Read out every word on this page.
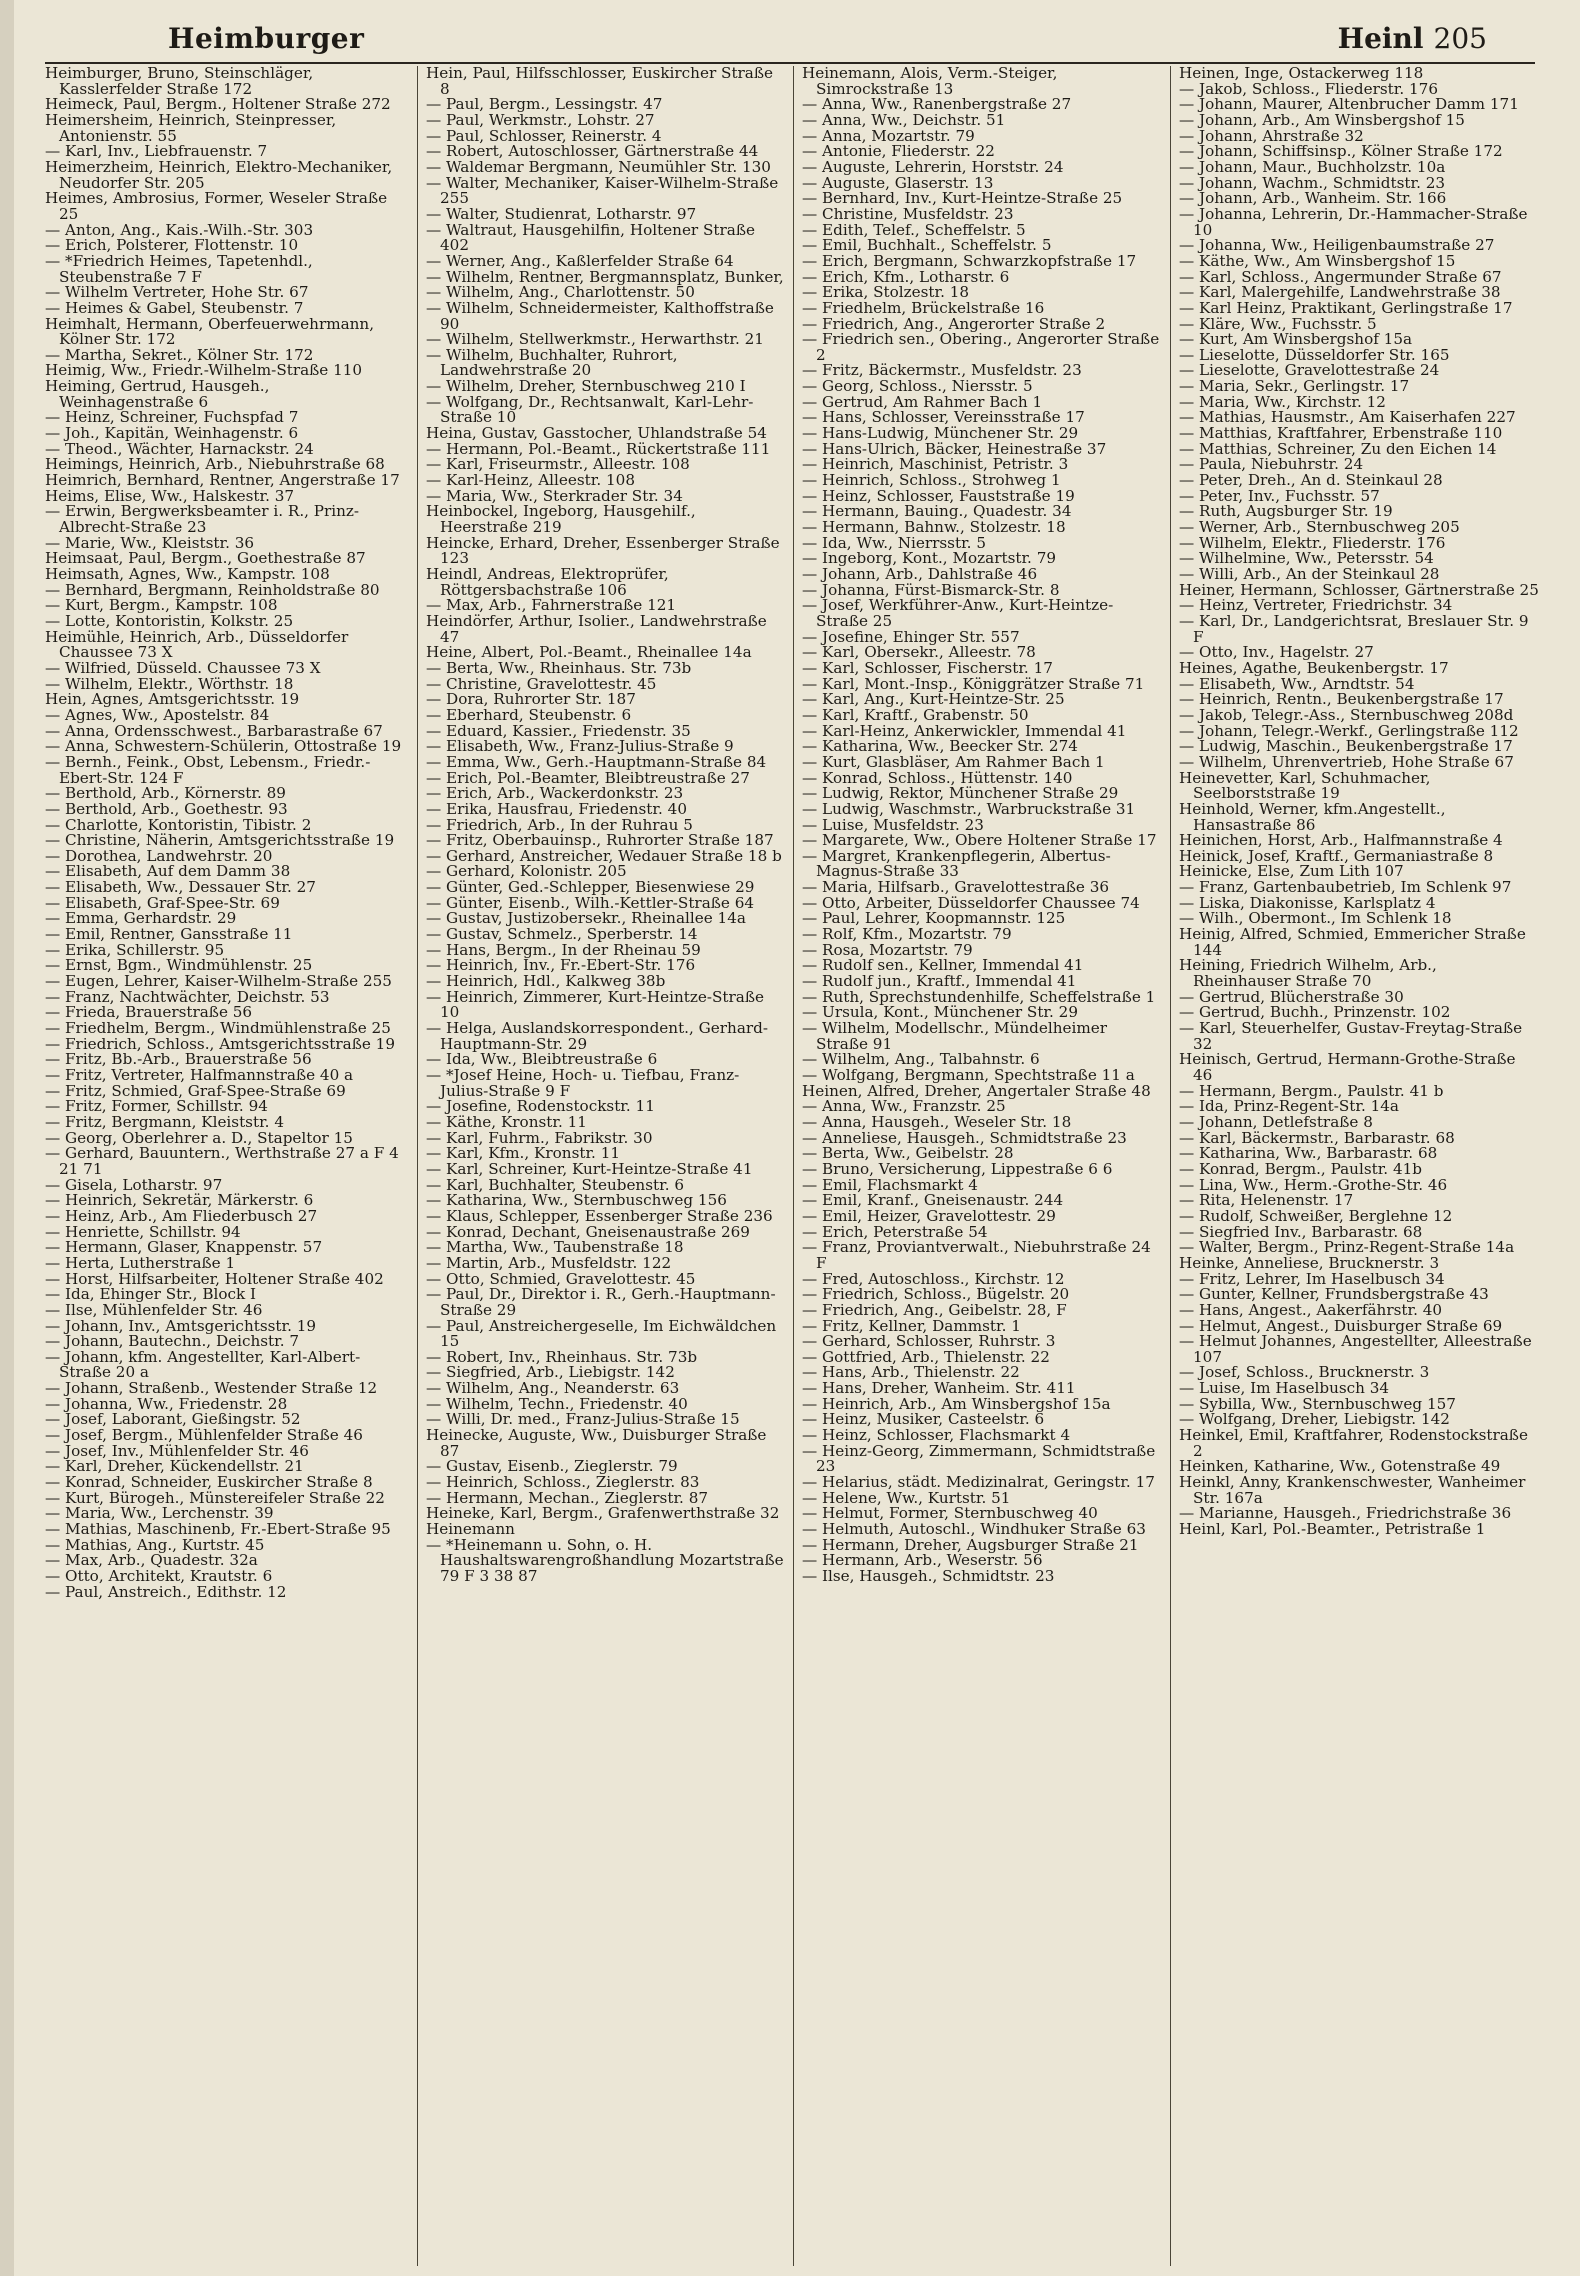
Heimburger	Heinl 205

Heimburger, Bruno, Steinschläger, Kasslerfelder Straße 172

Heimeck, Paul, Bergm., Holtener Straße 272

Heimersheim, Heinrich, Steinpresser, Antonienstr. 55

— Karl, Inv., Liebfrauenstr. 7

Heimerzheim, Heinrich, Elektro-Mechaniker, Neudorfer Str. 205

Heimes, Ambrosius, Former, Weseler Straße 25

— Anton, Ang., Kais.-Wilh.-Str. 303

— Erich, Polsterer, Flottenstr. 10

— *Friedrich Heimes, Tapetenhdl., Steubenstraße 7 F

— Wilhelm Vertreter, Hohe Str. 67

— Heimes & Gabel, Steubenstr. 7

Heimhalt, Hermann, Oberfeuerwehrmann, Kölner Str. 172

— Martha, Sekret., Kölner Str. 172

Heimig, Ww., Friedr.-Wilhelm-Straße 110

Heiming, Gertrud, Hausgeh., Weinhagenstraße 6

— Heinz, Schreiner, Fuchspfad 7

— Joh., Kapitän, Weinhagenstr. 6

— Theod., Wächter, Harnackstr. 24

Heimings, Heinrich, Arb., Niebuhrstraße 68

Heimrich, Bernhard, Rentner, Angerstraße 17

Heims, Elise, Ww., Halskestr. 37

— Erwin, Bergwerksbeamter i. R., Prinz-Albrecht-Straße 23

— Marie, Ww., Kleiststr. 36

Heimsaat, Paul, Bergm., Goethestraße 87

Heimsath, Agnes, Ww., Kampstr. 108

— Bernhard, Bergmann, Reinholdstraße 80

— Kurt, Bergm., Kampstr. 108

— Lotte, Kontoristin, Kolkstr. 25

Heimühle, Heinrich, Arb., Düsseldorfer Chaussee 73 X

— Wilfried, Düsseld. Chaussee 73 X

— Wilhelm, Elektr., Wörthstr. 18

Hein, Agnes, Amtsgerichtsstr. 19

— Agnes, Ww., Apostelstr. 84

— Anna, Ordensschwest., Barbarastraße 67

— Anna, Schwestern-Schülerin, Ottostraße 19

— Bernh., Feink., Obst, Lebensm., Friedr.-Ebert-Str. 124 F

— Berthold, Arb., Körnerstr. 89

— Berthold, Arb., Goethestr. 93

— Charlotte, Kontoristin, Tibistr. 2

— Christine, Näherin, Amtsgerichtsstraße 19

— Dorothea, Landwehrstr. 20

— Elisabeth, Auf dem Damm 38

— Elisabeth, Ww., Dessauer Str. 27

— Elisabeth, Graf-Spee-Str. 69

— Emma, Gerhardstr. 29

— Emil, Rentner, Gansstraße 11

— Erika, Schillerstr. 95

— Ernst, Bgm., Windmühlenstr. 25

— Eugen, Lehrer, Kaiser-Wilhelm-Straße 255

— Franz, Nachtwächter, Deichstr. 53

— Frieda, Brauerstraße 56

— Friedhelm, Bergm., Windmühlenstraße 25

— Friedrich, Schloss., Amtsgerichtsstraße 19

— Fritz, Bb.-Arb., Brauerstraße 56

— Fritz, Vertreter, Halfmannstraße 40 a

— Fritz, Schmied, Graf-Spee-Straße 69

— Fritz, Former, Schillstr. 94

— Fritz, Bergmann, Kleiststr. 4

— Georg, Oberlehrer a. D., Stapeltor 15

— Gerhard, Bauuntern., Werthstraße 27 a F 4 21 71

— Gisela, Lotharstr. 97

— Heinrich, Sekretär, Märkerstr. 6

— Heinz, Arb., Am Fliederbusch 27

— Henriette, Schillstr. 94

— Hermann, Glaser, Knappenstr. 57

— Herta, Lutherstraße 1

— Horst, Hilfsarbeiter, Holtener Straße 402

— Ida, Ehinger Str., Block I

— Ilse, Mühlenfelder Str. 46

— Johann, Inv., Amtsgerichtsstr. 19

— Johann, Bautechn., Deichstr. 7

— Johann, kfm. Angestellter, Karl-Albert-Straße 20 a

— Johann, Straßenb., Westender Straße 12

— Johanna, Ww., Friedenstr. 28

— Josef, Laborant, Gießingstr. 52

— Josef, Bergm., Mühlenfelder Straße 46

— Josef, Inv., Mühlenfelder Str. 46

— Karl, Dreher, Kückendellstr. 21

— Konrad, Schneider, Euskircher Straße 8

— Kurt, Bürogeh., Münstereifeler Straße 22

— Maria, Ww., Lerchenstr. 39

— Mathias, Maschinenb, Fr.-Ebert-Straße 95

— Mathias, Ang., Kurtstr. 45

— Max, Arb., Quadestr. 32a

— Otto, Architekt, Krautstr. 6

— Paul, Anstreich., Edithstr. 12

Hein, Paul, Hilfsschlosser, Euskircher Straße 8

— Paul, Bergm., Lessingstr. 47

— Paul, Werkmstr., Lohstr. 27

— Paul, Schlosser, Reinerstr. 4

— Robert, Autoschlosser, Gärtnerstraße 44

— Waldemar Bergmann, Neumühler Str. 130

— Walter, Mechaniker, Kaiser-Wilhelm-Straße 255

— Walter, Studienrat, Lotharstr. 97

— Waltraut, Hausgehilfin, Holtener Straße 402

— Werner, Ang., Kaßlerfelder Straße 64

— Wilhelm, Rentner, Bergmannsplatz, Bunker,

— Wilhelm, Ang., Charlottenstr. 50

— Wilhelm, Schneidermeister, Kalthoffstraße 90

— Wilhelm, Stellwerkmstr., Herwarthstr. 21

— Wilhelm, Buchhalter, Ruhrort, Landwehrstraße 20

— Wilhelm, Dreher, Sternbuschweg 210 I

— Wolfgang, Dr., Rechtsanwalt, Karl-Lehr-Straße 10

Heina, Gustav, Gasstocher, Uhlandstraße 54

— Hermann, Pol.-Beamt., Rückertstraße 111

— Karl, Friseurmstr., Alleestr. 108

— Karl-Heinz, Alleestr. 108

— Maria, Ww., Sterkrader Str. 34

Heinbockel, Ingeborg, Hausgehilf., Heerstraße 219

Heincke, Erhard, Dreher, Essenberger Straße 123

Heindl, Andreas, Elektroprüfer, Röttgersbachstraße 106

— Max, Arb., Fahrnerstraße 121

Heindörfer, Arthur, Isolier., Landwehrstraße 47

Heine, Albert, Pol.-Beamt., Rheinallee 14a

— Berta, Ww., Rheinhaus. Str. 73b

— Christine, Gravelottestr. 45

— Dora, Ruhrorter Str. 187

— Eberhard, Steubenstr. 6

— Eduard, Kassier., Friedenstr. 35

— Elisabeth, Ww., Franz-Julius-Straße 9

— Emma, Ww., Gerh.-Hauptmann-Straße 84

— Erich, Pol.-Beamter, Bleibtreustraße 27

— Erich, Arb., Wackerdonkstr. 23

— Erika, Hausfrau, Friedenstr. 40

— Friedrich, Arb., In der Ruhrau 5

— Fritz, Oberbauinsp., Ruhrorter Straße 187

— Gerhard, Anstreicher, Wedauer Straße 18 b

— Gerhard, Kolonistr. 205

— Günter, Ged.-Schlepper, Biesenwiese 29

— Günter, Eisenb., Wilh.-Kettler-Straße 64

— Gustav, Justizobersekr., Rheinallee 14a

— Gustav, Schmelz., Sperberstr. 14

— Hans, Bergm., In der Rheinau 59

— Heinrich, Inv., Fr.-Ebert-Str. 176

— Heinrich, Hdl., Kalkweg 38b

— Heinrich, Zimmerer, Kurt-Heintze-Straße 10

— Helga, Auslandskorrespondent., Gerhard-Hauptmann-Str. 29

— Ida, Ww., Bleibtreustraße 6

— *Josef Heine, Hoch- u. Tiefbau, Franz-Julius-Straße 9 F

— Josefine, Rodenstockstr. 11

— Käthe, Kronstr. 11

— Karl, Fuhrm., Fabrikstr. 30

— Karl, Kfm., Kronstr. 11

— Karl, Schreiner, Kurt-Heintze-Straße 41

— Karl, Buchhalter, Steubenstr. 6

— Katharina, Ww., Sternbuschweg 156

— Klaus, Schlepper, Essenberger Straße 236

— Konrad, Dechant, Gneisenaustraße 269

— Martha, Ww., Taubenstraße 18

— Martin, Arb., Musfeldstr. 122

— Otto, Schmied, Gravelottestr. 45

— Paul, Dr., Direktor i. R., Gerh.-Hauptmann-Straße 29

— Paul, Anstreichergeselle, Im Eichwäldchen 15

— Robert, Inv., Rheinhaus. Str. 73b

— Siegfried, Arb., Liebigstr. 142

— Wilhelm, Ang., Neanderstr. 63

— Wilhelm, Techn., Friedenstr. 40

— Willi, Dr. med., Franz-Julius-Straße 15

Heinecke, Auguste, Ww., Duisburger Straße 87

— Gustav, Eisenb., Zieglerstr. 79

— Heinrich, Schloss., Zieglerstr. 83

— Hermann, Mechan., Zieglerstr. 87

Heineke, Karl, Bergm., Grafenwerthstraße 32

Heinemann

— *Heinemann u. Sohn, o. H. Haushaltswarengroßhandlung Mozartstraße 79 F 3 38 87

Heinemann, Alois, Verm.-Steiger, Simrockstraße 13

— Anna, Ww., Ranenbergstraße 27

— Anna, Ww., Deichstr. 51

— Anna, Mozartstr. 79

— Antonie, Fliederstr. 22

— Auguste, Lehrerin, Horststr. 24

— Auguste, Glaserstr. 13

— Bernhard, Inv., Kurt-Heintze-Straße 25

— Christine, Musfeldstr. 23

— Edith, Telef., Scheffelstr. 5

— Emil, Buchhalt., Scheffelstr. 5

— Erich, Bergmann, Schwarzkopfstraße 17

— Erich, Kfm., Lotharstr. 6

— Erika, Stolzestr. 18

— Friedhelm, Brückelstraße 16

— Friedrich, Ang., Angerorter Straße 2

— Friedrich sen., Obering., Angerorter Straße 2

— Fritz, Bäckermstr., Musfeldstr. 23

— Georg, Schloss., Niersstr. 5

— Gertrud, Am Rahmer Bach 1

— Hans, Schlosser, Vereinsstraße 17

— Hans-Ludwig, Münchener Str. 29

— Hans-Ulrich, Bäcker, Heinestraße 37

— Heinrich, Maschinist, Petristr. 3

— Heinrich, Schloss., Strohweg 1

— Heinz, Schlosser, Fauststraße 19

— Hermann, Bauing., Quadestr. 34

— Hermann, Bahnw., Stolzestr. 18

— Ida, Ww., Nierrsstr. 5

— Ingeborg, Kont., Mozartstr. 79

— Johann, Arb., Dahlstraße 46

— Johanna, Fürst-Bismarck-Str. 8

— Josef, Werkführer-Anw., Kurt-Heintze-Straße 25

— Josefine, Ehinger Str. 557

— Karl, Obersekr., Alleestr. 78

— Karl, Schlosser, Fischerstr. 17

— Karl, Mont.-Insp., Königgrätzer Straße 71

— Karl, Ang., Kurt-Heintze-Str. 25

— Karl, Kraftf., Grabenstr. 50

— Karl-Heinz, Ankerwickler, Immendal 41

— Katharina, Ww., Beecker Str. 274

— Kurt, Glasbläser, Am Rahmer Bach 1

— Konrad, Schloss., Hüttenstr. 140

— Ludwig, Rektor, Münchener Straße 29

— Ludwig, Waschmstr., Warbruckstraße 31

— Luise, Musfeldstr. 23

— Margarete, Ww., Obere Holtener Straße 17

— Margret, Krankenpflegerin, Albertus-Magnus-Straße 33

— Maria, Hilfsarb., Gravelottestraße 36

— Otto, Arbeiter, Düsseldorfer Chaussee 74

— Paul, Lehrer, Koopmannstr. 125

— Rolf, Kfm., Mozartstr. 79

— Rosa, Mozartstr. 79

— Rudolf sen., Kellner, Immendal 41

— Rudolf jun., Kraftf., Immendal 41

— Ruth, Sprechstundenhilfe, Scheffelstraße 1

— Ursula, Kont., Münchener Str. 29

— Wilhelm, Modellschr., Mündelheimer Straße 91

— Wilhelm, Ang., Talbahnstr. 6

— Wolfgang, Bergmann, Spechtstraße 11 a

Heinen, Alfred, Dreher, Angertaler Straße 48

— Anna, Ww., Franzstr. 25

— Anna, Hausgeh., Weseler Str. 18

— Anneliese, Hausgeh., Schmidtstraße 23

— Berta, Ww., Geibelstr. 28

— Bruno, Versicherung, Lippestraße 6 6

— Emil, Flachsmarkt 4

— Emil, Kranf., Gneisenaustr. 244

— Emil, Heizer, Gravelottestr. 29

— Erich, Peterstraße 54

— Franz, Proviantverwalt., Niebuhrstraße 24 F

— Fred, Autoschloss., Kirchstr. 12

— Friedrich, Schloss., Bügelstr. 20

— Friedrich, Ang., Geibelstr. 28, F

— Fritz, Kellner, Dammstr. 1

— Gerhard, Schlosser, Ruhrstr. 3

— Gottfried, Arb., Thielenstr. 22

— Hans, Arb., Thielenstr. 22

— Hans, Dreher, Wanheim. Str. 411

— Heinrich, Arb., Am Winsbergshof 15a

— Heinz, Musiker, Casteelstr. 6

— Heinz, Schlosser, Flachsmarkt 4

— Heinz-Georg, Zimmermann, Schmidtstraße 23

— Helarius, städt. Medizinalrat, Geringstr. 17

— Helene, Ww., Kurtstr. 51

— Helmut, Former, Sternbuschweg 40

— Helmuth, Autoschl., Windhuker Straße 63

— Hermann, Dreher, Augsburger Straße 21

— Hermann, Arb., Weserstr. 56

— Ilse, Hausgeh., Schmidtstr. 23

Heinen, Inge, Ostackerweg 118

— Jakob, Schloss., Fliederstr. 176

— Johann, Maurer, Altenbrucher Damm 171

— Johann, Arb., Am Winsbergshof 15

— Johann, Ahrstraße 32

— Johann, Schiffsinsp., Kölner Straße 172

— Johann, Maur., Buchholzstr. 10a

— Johann, Wachm., Schmidtstr. 23

— Johann, Arb., Wanheim. Str. 166

— Johanna, Lehrerin, Dr.-Hammacher-Straße 10

— Johanna, Ww., Heiligenbaumstraße 27

— Käthe, Ww., Am Winsbergshof 15

— Karl, Schloss., Angermunder Straße 67

— Karl, Malergehilfe, Landwehrstraße 38

— Karl Heinz, Praktikant, Gerlingstraße 17

— Kläre, Ww., Fuchsstr. 5

— Kurt, Am Winsbergshof 15a

— Lieselotte, Düsseldorfer Str. 165

— Lieselotte, Gravelottestraße 24

— Maria, Sekr., Gerlingstr. 17

— Maria, Ww., Kirchstr. 12

— Mathias, Hausmstr., Am Kaiserhafen 227

— Matthias, Kraftfahrer, Erbenstraße 110

— Matthias, Schreiner, Zu den Eichen 14

— Paula, Niebuhrstr. 24

— Peter, Dreh., An d. Steinkaul 28

— Peter, Inv., Fuchsstr. 57

— Ruth, Augsburger Str. 19

— Werner, Arb., Sternbuschweg 205

— Wilhelm, Elektr., Fliederstr. 176

— Wilhelmine, Ww., Petersstr. 54

— Willi, Arb., An der Steinkaul 28

Heiner, Hermann, Schlosser, Gärtnerstraße 25

— Heinz, Vertreter, Friedrichstr. 34

— Karl, Dr., Landgerichtsrat, Breslauer Str. 9 F

— Otto, Inv., Hagelstr. 27

Heines, Agathe, Beukenbergstr. 17

— Elisabeth, Ww., Arndtstr. 54

— Heinrich, Rentn., Beukenbergstraße 17

— Jakob, Telegr.-Ass., Sternbuschweg 208d

— Johann, Telegr.-Werkf., Gerlingstraße 112

— Ludwig, Maschin., Beukenbergstraße 17

— Wilhelm, Uhrenvertrieb, Hohe Straße 67

Heinevetter, Karl, Schuhmacher, Seelborststraße 19

Heinhold, Werner, kfm.Angestellt., Hansastraße 86

Heinichen, Horst, Arb., Halfmannstraße 4

Heinick, Josef, Kraftf., Germaniastraße 8

Heinicke, Else, Zum Lith 107

— Franz, Gartenbaubetrieb, Im Schlenk 97

— Liska, Diakonisse, Karlsplatz 4

— Wilh., Obermont., Im Schlenk 18

Heinig, Alfred, Schmied, Emmericher Straße 144

Heining, Friedrich Wilhelm, Arb., Rheinhauser Straße 70

— Gertrud, Blücherstraße 30

— Gertrud, Buchh., Prinzenstr. 102

— Karl, Steuerhelfer, Gustav-Freytag-Straße 32

Heinisch, Gertrud, Hermann-Grothe-Straße 46

— Hermann, Bergm., Paulstr. 41 b

— Ida, Prinz-Regent-Str. 14a

— Johann, Detlefstraße 8

— Karl, Bäckermstr., Barbarastr. 68

— Katharina, Ww., Barbarastr. 68

— Konrad, Bergm., Paulstr. 41b

— Lina, Ww., Herm.-Grothe-Str. 46

— Rita, Helenenstr. 17

— Rudolf, Schweißer, Berglehne 12

— Siegfried Inv., Barbarastr. 68

— Walter, Bergm., Prinz-Regent-Straße 14a

Heinke, Anneliese, Brucknerstr. 3

— Fritz, Lehrer, Im Haselbusch 34

— Gunter, Kellner, Frundsbergstraße 43

— Hans, Angest., Aakerfährstr. 40

— Helmut, Angest., Duisburger Straße 69

— Helmut Johannes, Angestellter, Alleestraße 107

— Josef, Schloss., Brucknerstr. 3

— Luise, Im Haselbusch 34

— Sybilla, Ww., Sternbuschweg 157

— Wolfgang, Dreher, Liebigstr. 142

Heinkel, Emil, Kraftfahrer, Rodenstockstraße 2

Heinken, Katharine, Ww., Gotenstraße 49

Heinkl, Anny, Krankenschwester, Wanheimer Str. 167a

— Marianne, Hausgeh., Friedrichstraße 36

Heinl, Karl, Pol.-Beamter., Petristraße 1
